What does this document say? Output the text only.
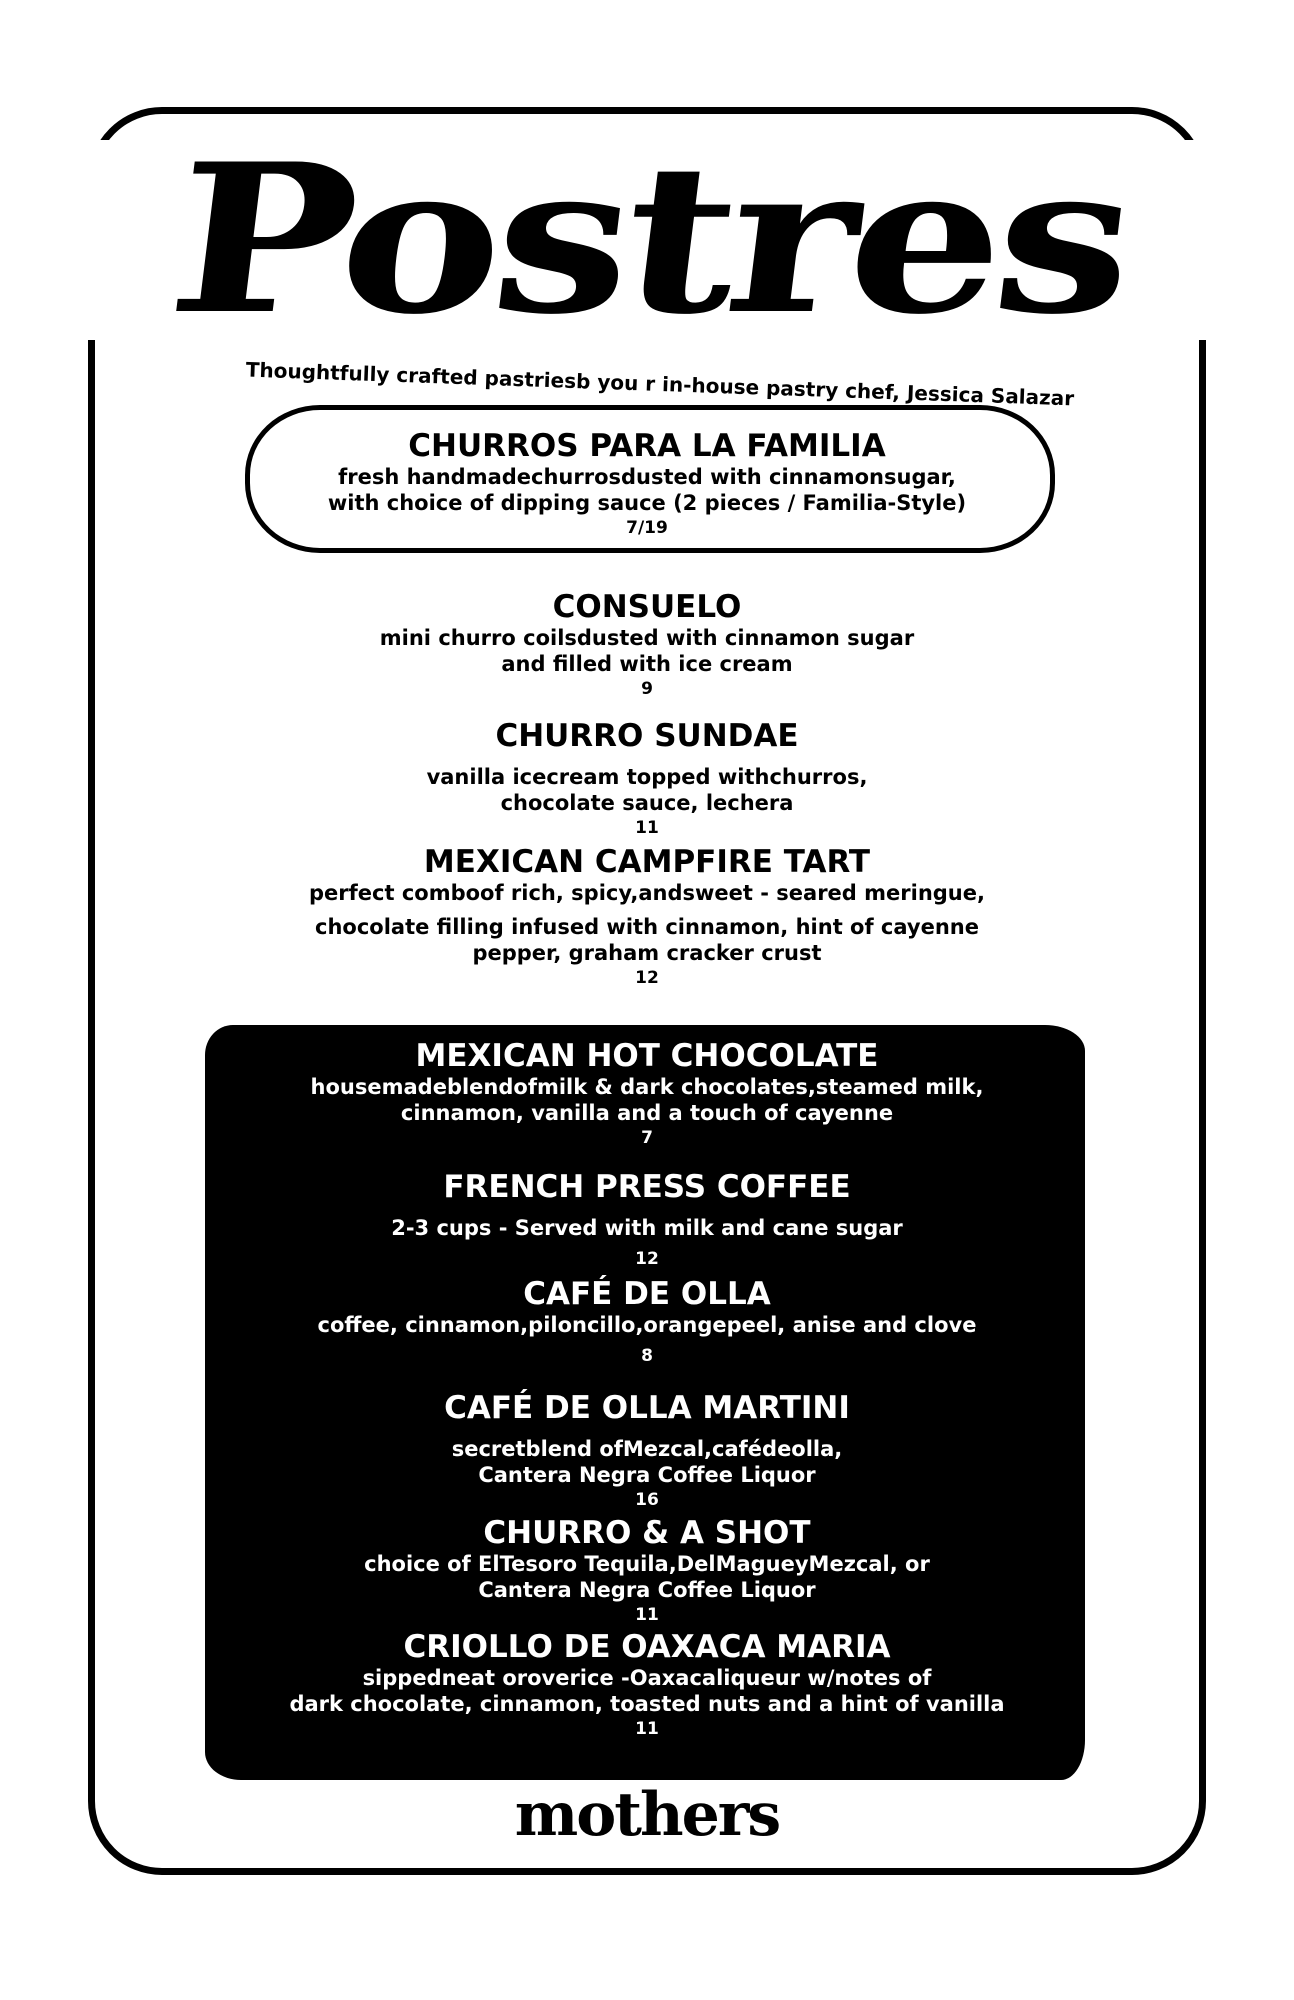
Postres
Thoughtfully crafted pastriesb you r in-house pastry chef, Jessica Salazar
CHURROS PARA LA FAMILIA
fresh handmadechurrosdusted with cinnamonsugar,
with choice of dipping sauce (2 pieces / Familia-Style)
7/19
CONSUELO
mini churro coilsdusted with cinnamon sugar
and filled with ice cream
9
CHURRO SUNDAE
vanilla icecream topped withchurros,
chocolate sauce, lechera
11
MEXICAN CAMPFIRE TART
perfect comboof rich, spicy,andsweet - seared meringue,
chocolate filling infused with cinnamon, hint of cayenne
pepper, graham cracker crust
12
MEXICAN HOT CHOCOLATE
housemadeblendofmilk & dark chocolates,steamed milk,
cinnamon, vanilla and a touch of cayenne
7
FRENCH PRESS COFFEE
2-3 cups - Served with milk and cane sugar
12
CAFÉ DE OLLA
coffee, cinnamon,piloncillo,orangepeel, anise and clove
8
CAFÉ DE OLLA MARTINI
secretblend ofMezcal,cafédeolla,
Cantera Negra Coffee Liquor
16
CHURRO & A SHOT
choice of ElTesoro Tequila,DelMagueyMezcal, or
Cantera Negra Coffee Liquor
11
CRIOLLO DE OAXACA MARIA
sippedneat oroverice -Oaxacaliqueur w/notes of
dark chocolate, cinnamon, toasted nuts and a hint of vanilla
11
mothers
